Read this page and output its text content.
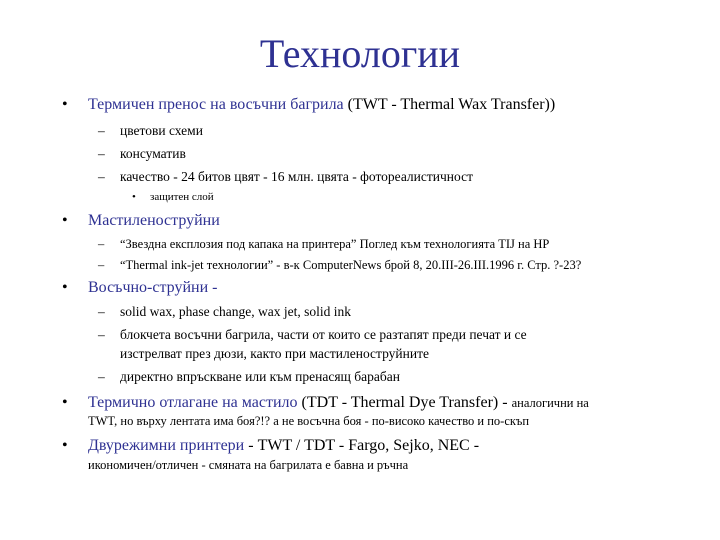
Технологии
•	Термичен пренос на восъчни багрила (TWT - Thermal Wax Transfer))
– цветови схеми
– консуматив
– качество - 24 битов цвят - 16 млн. цвята - фотореалистичност
• защитен слой
•	Мастиленоструйни
– “Звездна експлозия под капака на принтера” Поглед към технологията TIJ на HP
– “Thermal ink-jet технологии” - в-к ComputerNews брой 8, 20.III-26.III.1996 г. Стр. ?-23?
•	Восъчно-струйни -
– solid wax, phase change, wax jet, solid ink
– блокчета восъчни багрила, части от които се разтапят преди печат и се
изстрелват през дюзи, както при мастиленоструйните
– директно впръскване или към пренасящ барабан
•	Термично отлагане на мастило (TDT - Thermal Dye Transfer) - аналогични на
TWT, но върху лентата има боя?!? а не восъчна боя - по-високо качество и по-скъп
•	Двурежимни принтери - TWT / TDT - Fargo, Sejko, NEC -
икономичен/отличен - смяната на багрилата е бавна и ръчна
